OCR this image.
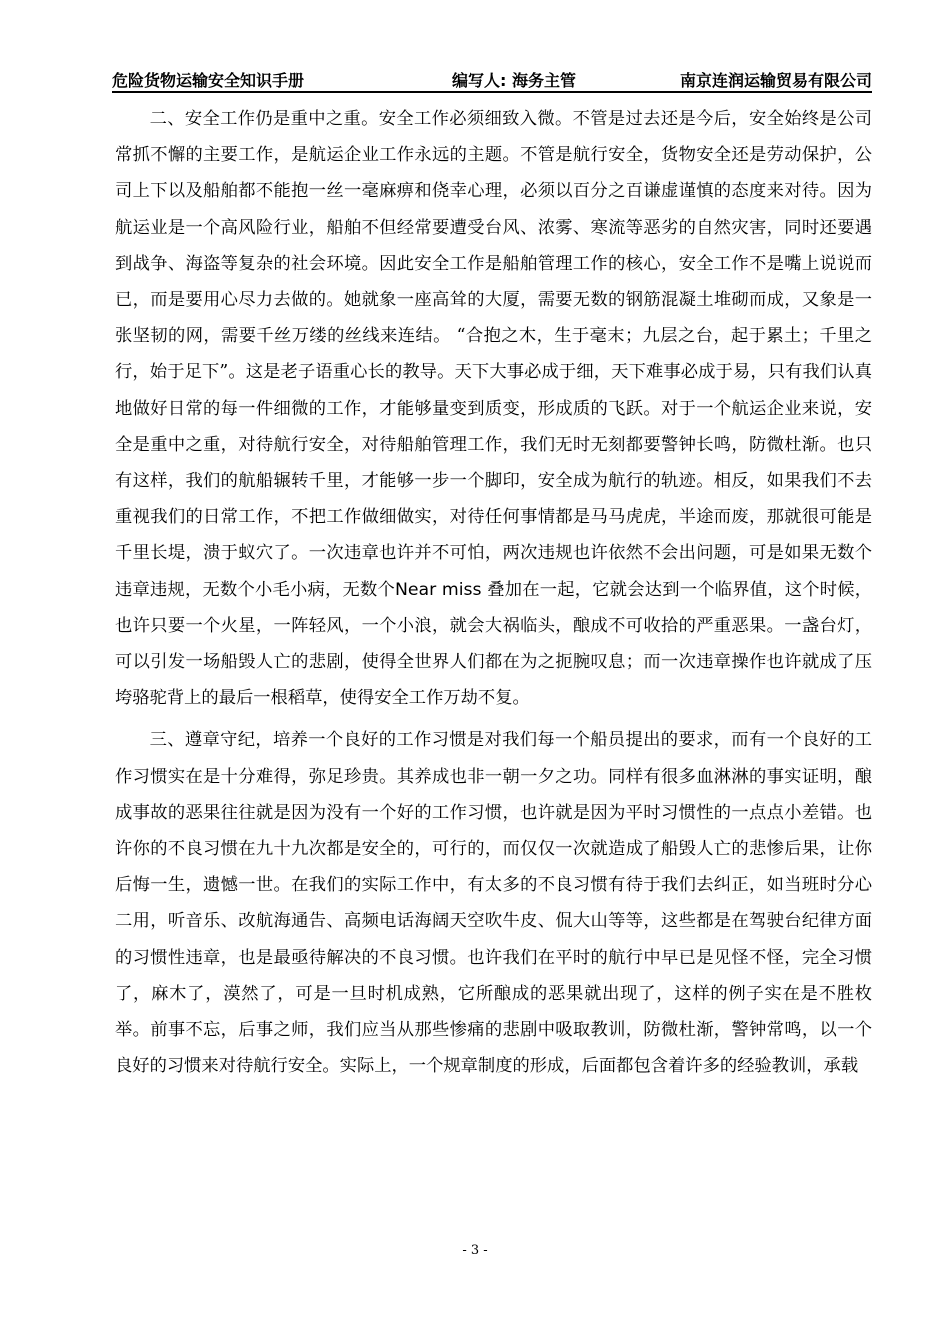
危险货物运输安全知识手册	编写人: 海务主管	南京连润运输贸易有限公司

二、安全工作仍是重中之重。安全工作必须细致入微。不管是过去还是今后，安全始终是公司常抓不懈的主要工作，是航运企业工作永远的主题。不管是航行安全，货物安全还是劳动保护，公司上下以及船舶都不能抱一丝一毫麻痹和侥幸心理，必须以百分之百谦虚谨慎的态度来对待。因为航运业是一个高风险行业，船舶不但经常要遭受台风、浓雾、寒流等恶劣的自然灾害，同时还要遇到战争、海盗等复杂的社会环境。因此安全工作是船舶管理工作的核心，安全工作不是嘴上说说而已，而是要用心尽力去做的。她就象一座高耸的大厦，需要无数的钢筋混凝土堆砌而成，又象是一张坚韧的网，需要千丝万缕的丝线来连结。 “合抱之木，生于毫末；九层之台，起于累土；千里之行，始于足下”。这是老子语重心长的教导。天下大事必成于细，天下难事必成于易，只有我们认真地做好日常的每一件细微的工作，才能够量变到质变，形成质的飞跃。对于一个航运企业来说，安全是重中之重，对待航行安全，对待船舶管理工作，我们无时无刻都要警钟长鸣，防微杜渐。也只有这样，我们的航船辗转千里，才能够一步一个脚印，安全成为航行的轨迹。相反，如果我们不去重视我们的日常工作，不把工作做细做实，对待任何事情都是马马虎虎，半途而废，那就很可能是千里长堤，溃于蚁穴了。一次违章也许并不可怕，两次违规也许依然不会出问题，可是如果无数个违章违规，无数个小毛小病，无数个Near miss 叠加在一起，它就会达到一个临界值，这个时候，也许只要一个火星，一阵轻风，一个小浪，就会大祸临头，酿成不可收拾的严重恶果。一盏台灯，可以引发一场船毁人亡的悲剧，使得全世界人们都在为之扼腕叹息；而一次违章操作也许就成了压垮骆驼背上的最后一根稻草，使得安全工作万劫不复。

三、遵章守纪，培养一个良好的工作习惯是对我们每一个船员提出的要求，而有一个良好的工作习惯实在是十分难得，弥足珍贵。其养成也非一朝一夕之功。同样有很多血淋淋的事实证明，酿成事故的恶果往往就是因为没有一个好的工作习惯，也许就是因为平时习惯性的一点点小差错。也许你的不良习惯在九十九次都是安全的，可行的，而仅仅一次就造成了船毁人亡的悲惨后果，让你后悔一生，遗憾一世。在我们的实际工作中，有太多的不良习惯有待于我们去纠正，如当班时分心二用，听音乐、改航海通告、高频电话海阔天空吹牛皮、侃大山等等，这些都是在驾驶台纪律方面的习惯性违章，也是最亟待解决的不良习惯。也许我们在平时的航行中早已是见怪不怪，完全习惯了，麻木了，漠然了，可是一旦时机成熟，它所酿成的恶果就出现了，这样的例子实在是不胜枚举。前事不忘，后事之师，我们应当从那些惨痛的悲剧中吸取教训，防微杜渐，警钟常鸣，以一个良好的习惯来对待航行安全。实际上，一个规章制度的形成，后面都包含着许多的经验教训，承载

- 3 -
